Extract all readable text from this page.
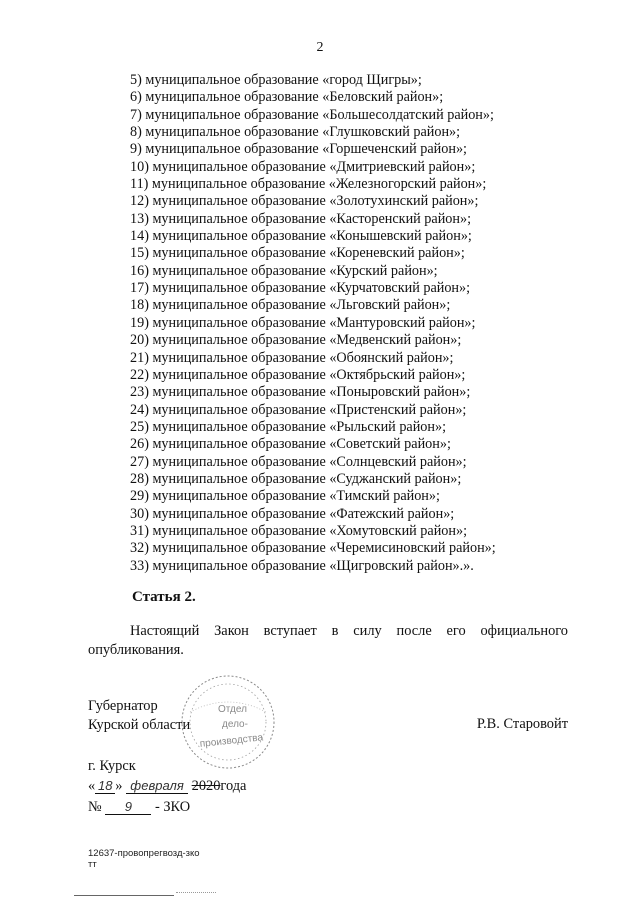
2
5) муниципальное образование «город Щигры»;
6) муниципальное образование «Беловский район»;
7) муниципальное образование «Большесолдатский район»;
8) муниципальное образование «Глушковский район»;
9) муниципальное образование «Горшеченский район»;
10) муниципальное образование «Дмитриевский район»;
11) муниципальное образование «Железногорский район»;
12) муниципальное образование «Золотухинский район»;
13) муниципальное образование «Касторенский район»;
14) муниципальное образование «Конышевский район»;
15) муниципальное образование «Кореневский район»;
16) муниципальное образование «Курский район»;
17) муниципальное образование «Курчатовский район»;
18) муниципальное образование «Льговский район»;
19) муниципальное образование «Мантуровский район»;
20) муниципальное образование «Медвенский район»;
21) муниципальное образование «Обоянский район»;
22) муниципальное образование «Октябрьский район»;
23) муниципальное образование «Поныровский район»;
24) муниципальное образование «Пристенский район»;
25) муниципальное образование «Рыльский район»;
26) муниципальное образование «Советский район»;
27) муниципальное образование «Солнцевский район»;
28) муниципальное образование «Суджанский район»;
29) муниципальное образование «Тимский район»;
30) муниципальное образование «Фатежский район»;
31) муниципальное образование «Хомутовский район»;
32) муниципальное образование «Черемисиновский район»;
33) муниципальное образование «Щигровский район».».
Статья 2.

Настоящий Закон вступает в силу после его официального опубликования.

Отдел
дело-
производства
Губернатор
Курской области	Р.В. Старовойт
г. Курск
« 18 » февраля 2020года
№ 9 - ЗКО
12637-провопрегвозд-зко
тт
